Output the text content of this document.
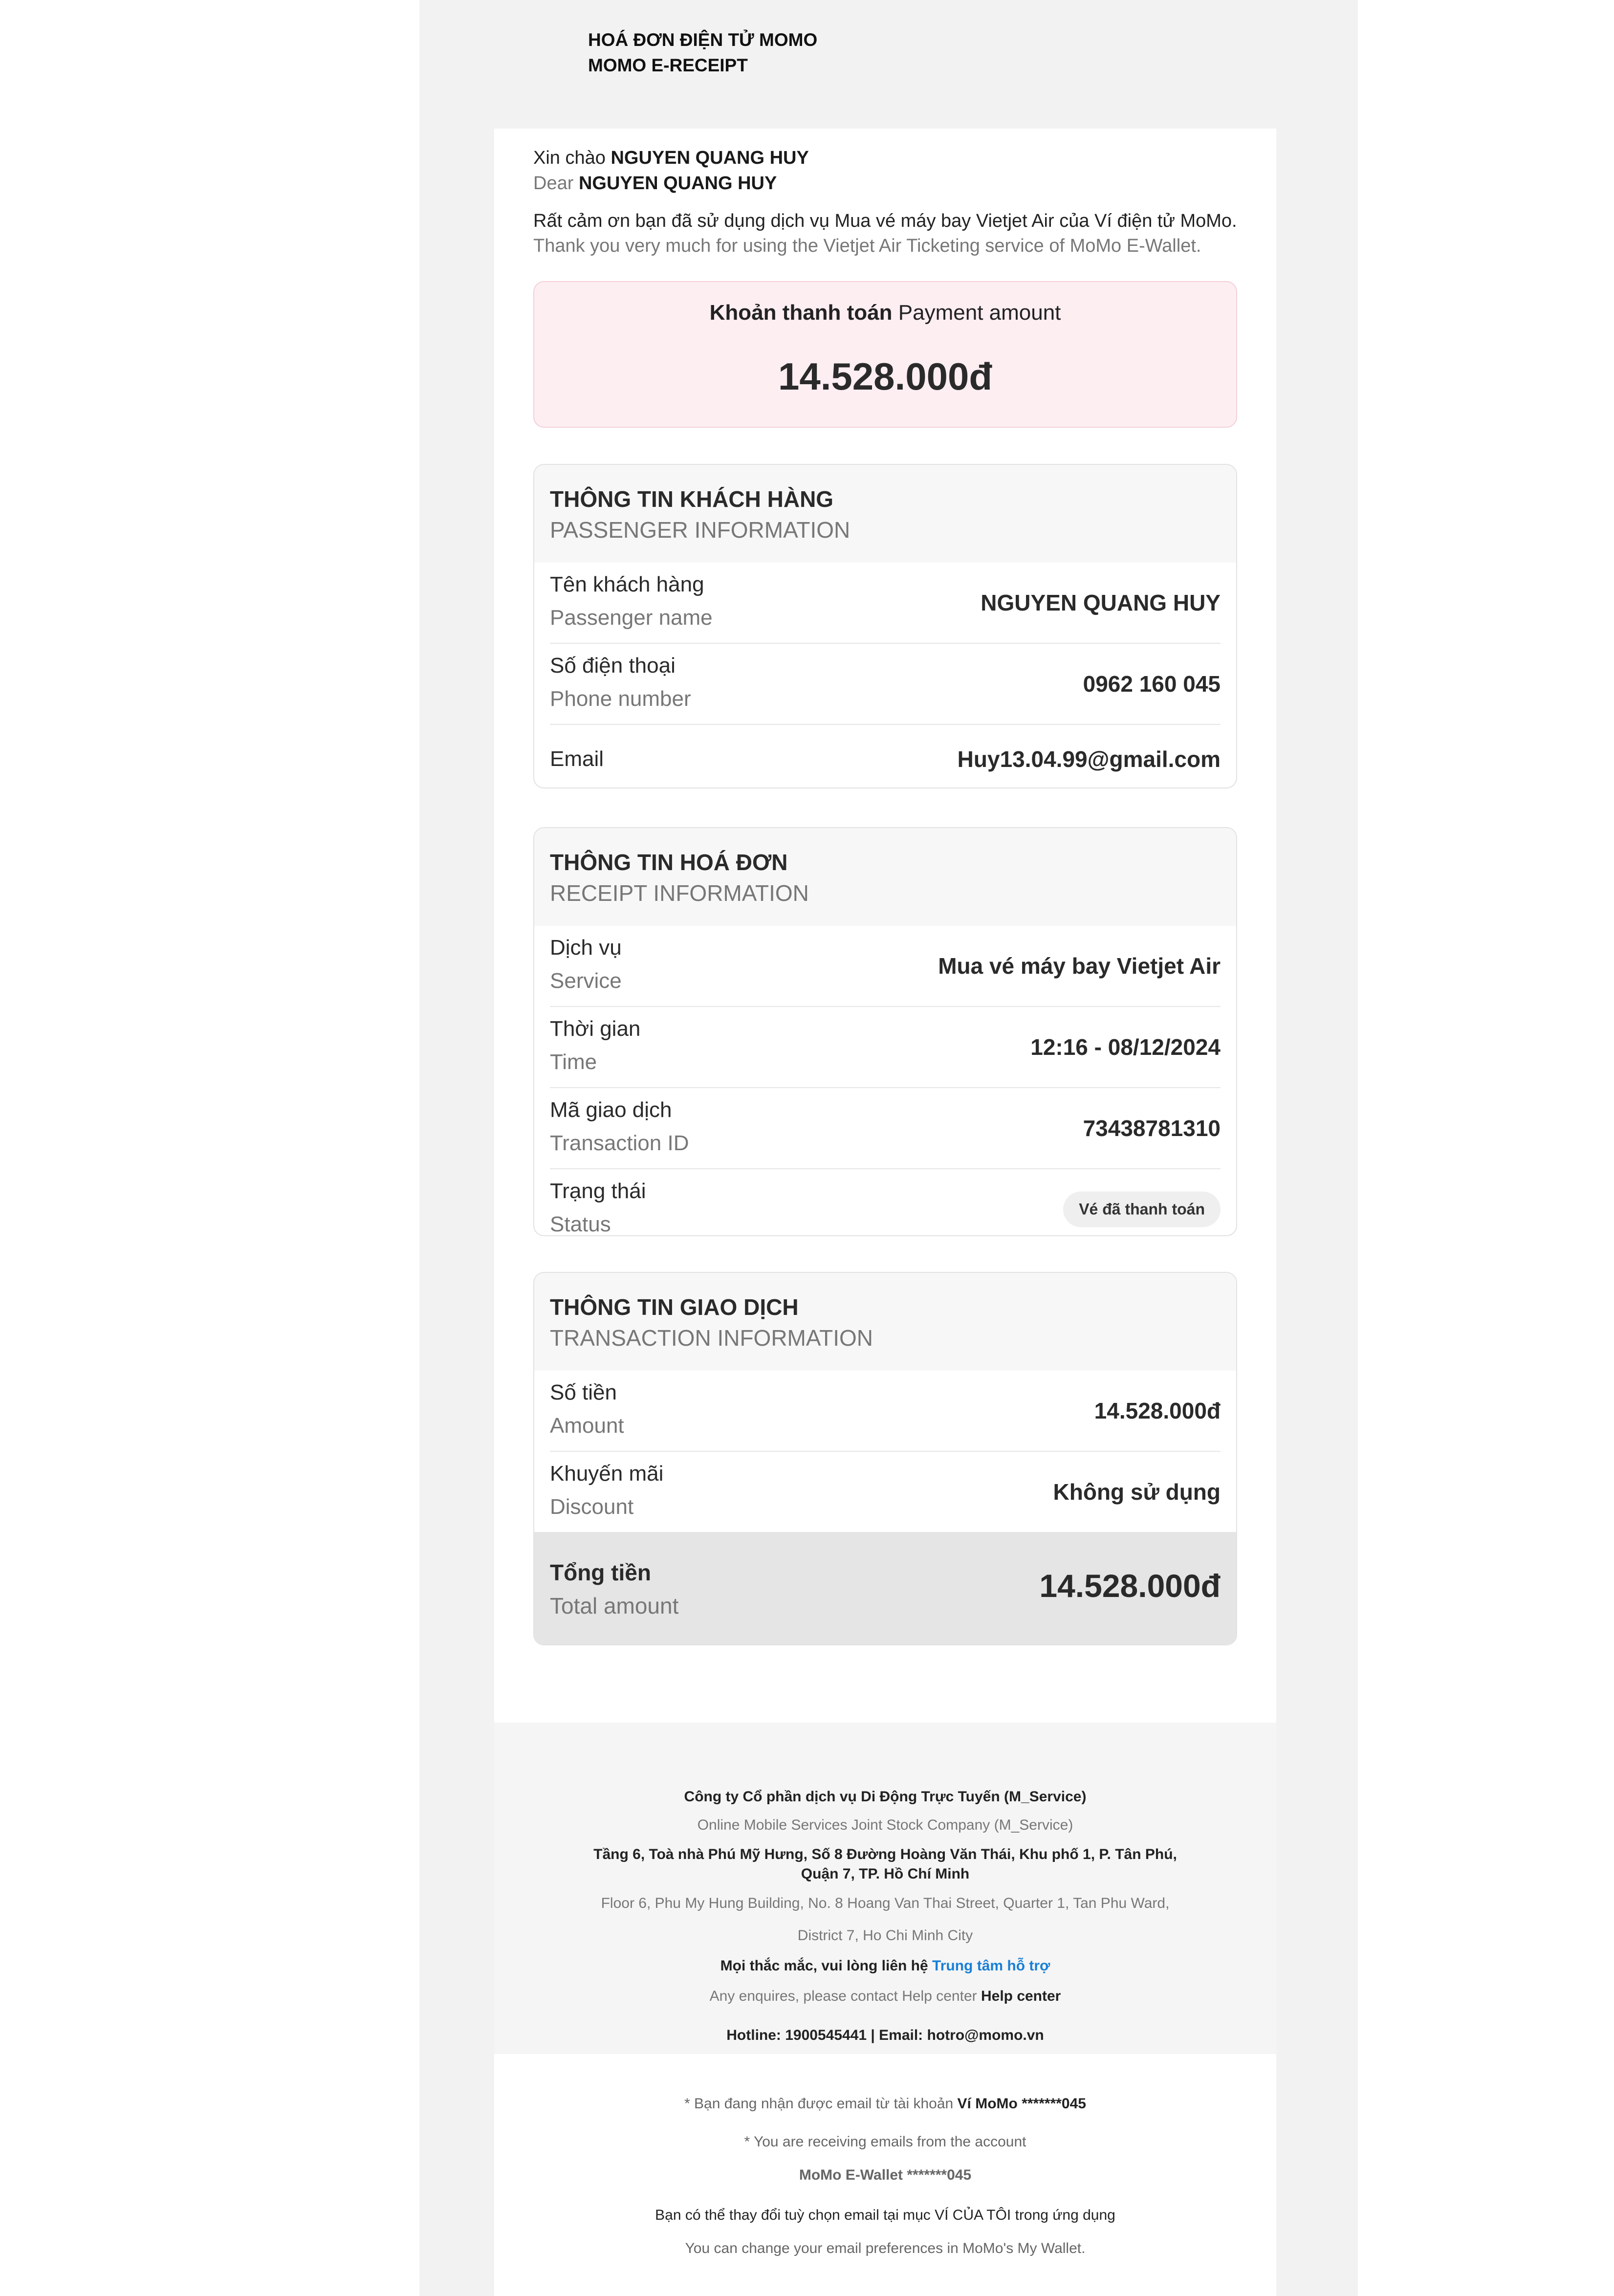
HOÁ ĐƠN ĐIỆN TỬ MOMO
MOMO E-RECEIPT
Xin chào NGUYEN QUANG HUY
Dear NGUYEN QUANG HUY
Rất cảm ơn bạn đã sử dụng dịch vụ Mua vé máy bay Vietjet Air của Ví điện tử MoMo.
Thank you very much for using the Vietjet Air Ticketing service of MoMo E-Wallet.
Khoản thanh toán Payment amount
14.528.000đ
THÔNG TIN KHÁCH HÀNG
PASSENGER INFORMATION
Tên khách hàng
Passenger name
NGUYEN QUANG HUY
Số điện thoại
Phone number
0962 160 045
Email	Huy13.04.99@gmail.com
THÔNG TIN HOÁ ĐƠN
RECEIPT INFORMATION
Dịch vụ
Service
Mua vé máy bay Vietjet Air
Thời gian
Time
12:16 - 08/12/2024
Mã giao dịch
Transaction ID
73438781310
Trạng thái
Status
Vé đã thanh toán
THÔNG TIN GIAO DỊCH
TRANSACTION INFORMATION
Số tiền
Amount
14.528.000đ
Khuyến mãi
Discount
Không sử dụng
Tổng tiền
Total amount
14.528.000đ
Công ty Cổ phần dịch vụ Di Động Trực Tuyến (M_Service)
Online Mobile Services Joint Stock Company (M_Service)
Tầng 6, Toà nhà Phú Mỹ Hưng, Số 8 Đường Hoàng Văn Thái, Khu phố 1, P. Tân Phú,
Quận 7, TP. Hồ Chí Minh
Floor 6, Phu My Hung Building, No. 8 Hoang Van Thai Street, Quarter 1, Tan Phu Ward,
District 7, Ho Chi Minh City
Mọi thắc mắc, vui lòng liên hệ Trung tâm hỗ trợ
Any enquires, please contact Help center Help center
Hotline: 1900545441 | Email: hotro@momo.vn
* Bạn đang nhận được email từ tài khoản Ví MoMo *******045
* You are receiving emails from the account
MoMo E-Wallet *******045
Bạn có thể thay đổi tuỳ chọn email tại mục VÍ CỦA TÔI trong ứng dụng
You can change your email preferences in MoMo's My Wallet.
